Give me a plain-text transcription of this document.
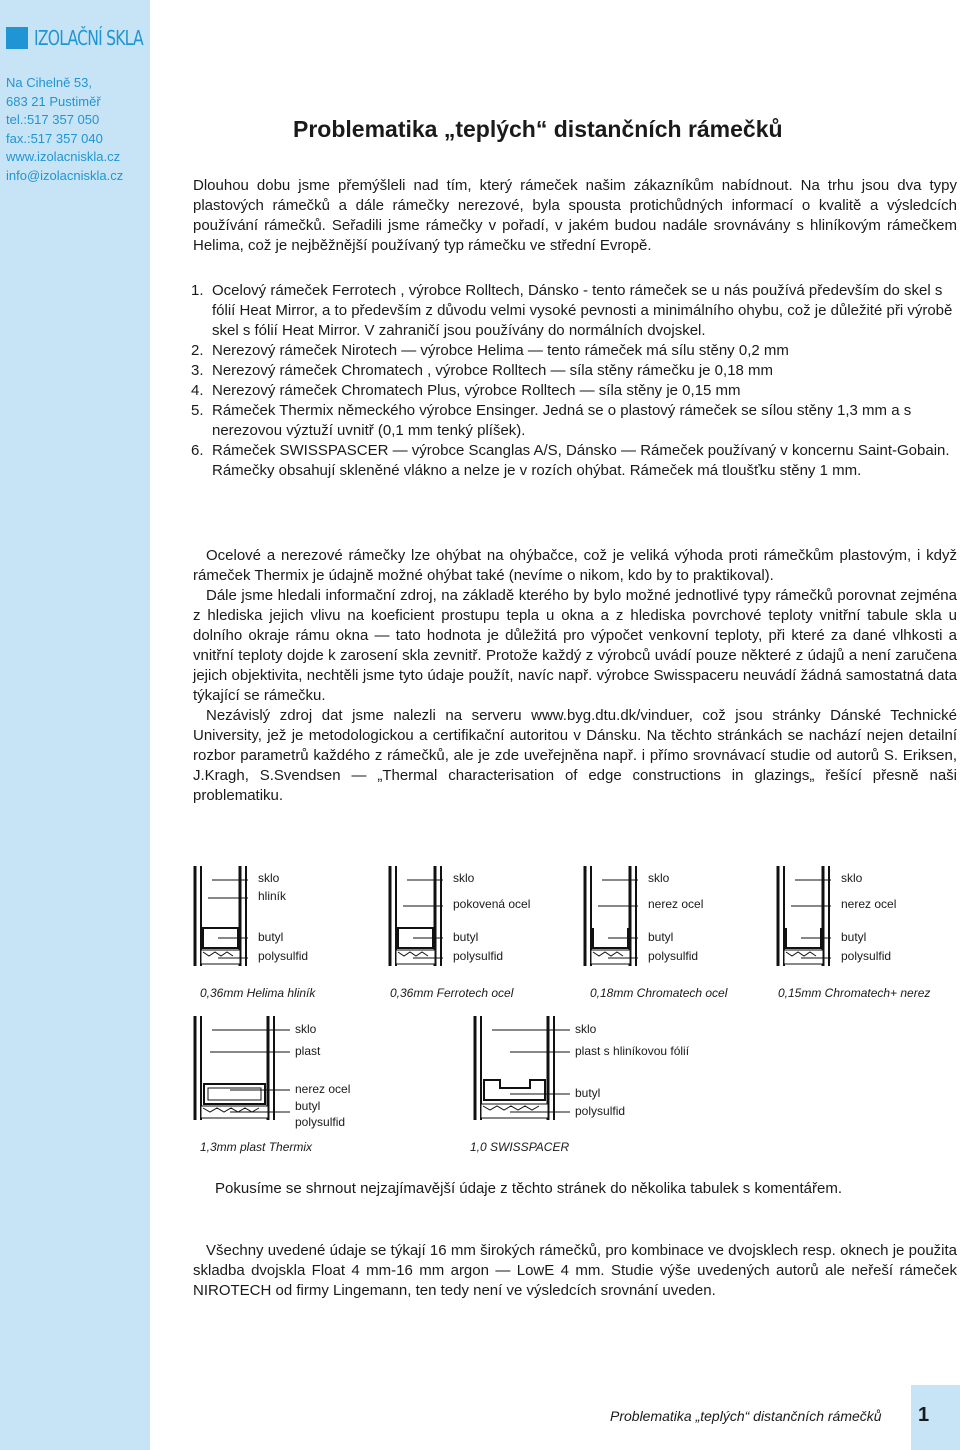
IZOLAČNÍ SKLA
Na Cihelně 53,
683 21 Pustiměř
tel.:517 357 050
fax.:517 357 040
www.izolacniskla.cz
info@izolacniskla.cz
Problematika „teplých“ distančních rámečků
Dlouhou dobu jsme přemýšleli nad tím, který rámeček našim zákazníkům nabídnout. Na trhu jsou dva typy plastových rámečků a dále rámečky nerezové, byla spousta protichůdných informací o kvalitě a výsledcích používání rámečků. Seřadili jsme rámečky v pořadí, v jakém budou nadále srovnávány s hliníkovým rámečkem Helima, což je nejběžnější používaný typ rámečku ve střední Evropě.
1. Ocelový rámeček Ferrotech , výrobce Rolltech, Dánsko - tento rámeček se u nás používá především do skel s fólií Heat Mirror, a to především z důvodu velmi vysoké pevnosti a minimálního ohybu, což je důležité při výrobě skel s fólií Heat Mirror. V zahraničí jsou používány do normálních dvojskel.
2. Nerezový rámeček Nirotech — výrobce Helima — tento rámeček má sílu stěny 0,2 mm
3. Nerezový rámeček Chromatech , výrobce Rolltech — síla stěny rámečku je 0,18 mm
4. Nerezový rámeček Chromatech Plus, výrobce Rolltech — síla stěny je 0,15 mm
5. Rámeček Thermix německého výrobce Ensinger. Jedná se o plastový rámeček se sílou stěny 1,3 mm a s nerezovou výztuží uvnitř (0,1 mm tenký plíšek).
6. Rámeček SWISSPASCER — výrobce Scanglas A/S, Dánsko — Rámeček používaný v koncernu Saint-Gobain. Rámečky obsahují skleněné vlákno a nelze je v rozích ohýbat. Rámeček má tloušťku stěny 1 mm.

Ocelové a nerezové rámečky lze ohýbat na ohýbačce, což je veliká výhoda proti rámečkům plastovým, i když rámeček Thermix je údajně možné ohýbat také (nevíme o nikom, kdo by to praktikoval).

Dále jsme hledali informační zdroj, na základě kterého by bylo možné jednotlivé typy rámečků porovnat zejména z hlediska jejich vlivu na koeficient prostupu tepla u okna a z hlediska povrchové teploty vnitřní tabule skla u dolního okraje rámu okna — tato hodnota je důležitá pro výpočet venkovní teploty, při které za dané vlhkosti a vnitřní teploty dojde k zarosení skla zevnitř. Protože každý z výrobců uvádí pouze některé z údajů a není zaručena jejich objektivita, nechtěli jsme tyto údaje použít, navíc např. výrobce Swisspaceru neuvádí žádná samostatná data týkající se rámečku.

Nezávislý zdroj dat jsme nalezli na serveru www.byg.dtu.dk/vinduer, což jsou stránky Dánské Technické University, jež je metodologickou a certifikační autoritou v Dánsku. Na těchto stránkách se nachází nejen detailní rozbor parametrů každého z rámečků, ale je zde uveřejněna např. i přímo srovnávací studie od autorů S. Eriksen, J.Kragh, S.Svendsen — „Thermal characterisation of edge constructions in glazings„ řešící přesně naši problematiku.

sklo
hliník
butyl
polysulfid
0,36mm Helima hliník
sklo
pokovená ocel
butyl
polysulfid
0,36mm Ferrotech ocel
sklo
nerez ocel
butyl
polysulfid
0,18mm Chromatech ocel
sklo
nerez ocel
butyl
polysulfid
0,15mm Chromatech+ nerez
sklo
plast
nerez ocel
butyl
polysulfid
1,3mm plast Thermix
sklo
plast s hliníkovou fólií
butyl
polysulfid
1,0 SWISSPACER
Pokusíme se shrnout nejzajímavější údaje z těchto stránek do několika tabulek s komentářem.

Všechny uvedené údaje se týkají 16 mm širokých rámečků, pro kombinace ve dvojsklech resp. oknech je použita skladba dvojskla Float 4 mm-16 mm argon — LowE 4 mm. Studie výše uvedených autorů ale neřeší rámeček NIROTECH od firmy Lingemann, ten tedy není ve výsledcích srovnání uveden.

Problematika „teplých“ distančních rámečků 1
